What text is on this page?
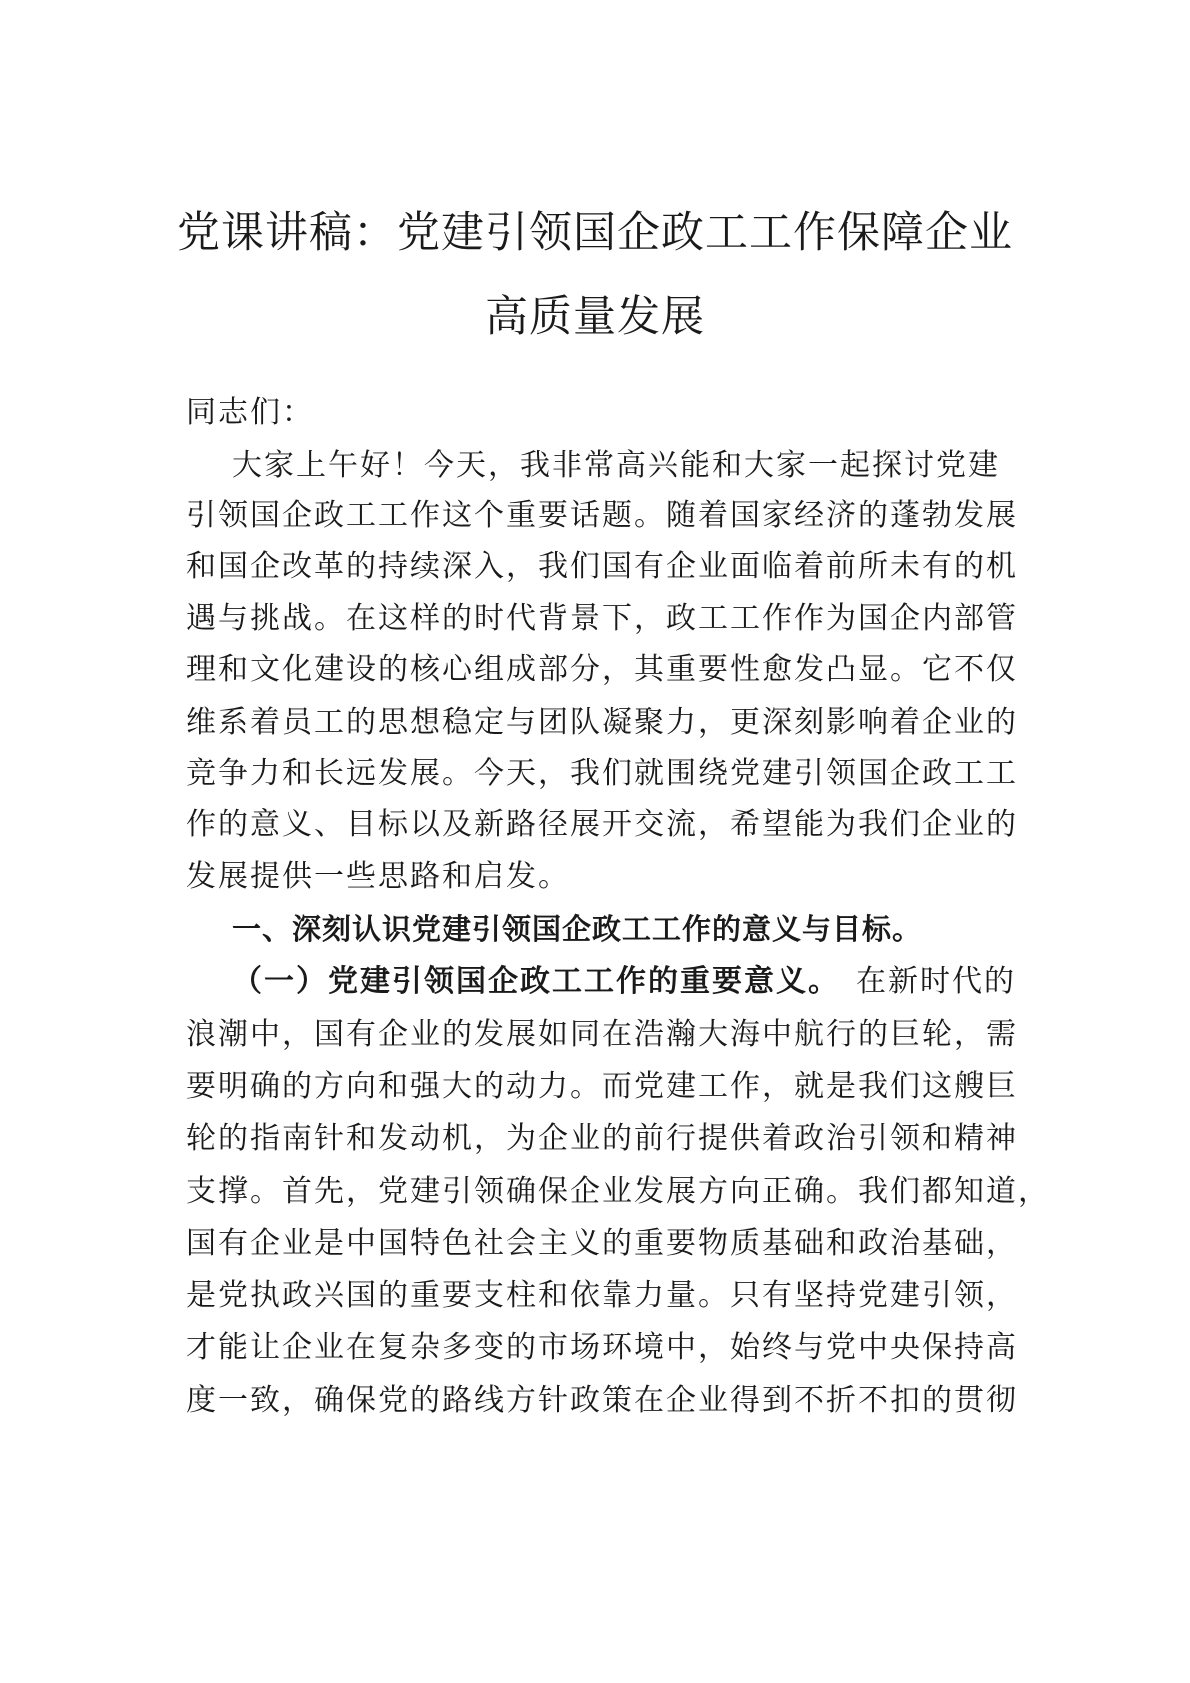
党课讲稿：党建引领国企政工工作保障企业
高质量发展

同志们：

大家上午好！今天，我非常高兴能和大家一起探讨党建

引领国企政工工作这个重要话题。随着国家经济的蓬勃发展

和国企改革的持续深入，我们国有企业面临着前所未有的机

遇与挑战。在这样的时代背景下，政工工作作为国企内部管

理和文化建设的核心组成部分，其重要性愈发凸显。它不仅

维系着员工的思想稳定与团队凝聚力，更深刻影响着企业的

竞争力和长远发展。今天，我们就围绕党建引领国企政工工

作的意义、目标以及新路径展开交流，希望能为我们企业的

发展提供一些思路和启发。

一、深刻认识党建引领国企政工工作的意义与目标。

（一）党建引领国企政工工作的重要意义。 在新时代的

浪潮中，国有企业的发展如同在浩瀚大海中航行的巨轮，需

要明确的方向和强大的动力。而党建工作，就是我们这艘巨

轮的指南针和发动机，为企业的前行提供着政治引领和精神

支撑。首先，党建引领确保企业发展方向正确。我们都知道，

国有企业是中国特色社会主义的重要物质基础和政治基础，

是党执政兴国的重要支柱和依靠力量。只有坚持党建引领，

才能让企业在复杂多变的市场环境中，始终与党中央保持高

度一致，确保党的路线方针政策在企业得到不折不扣的贯彻
